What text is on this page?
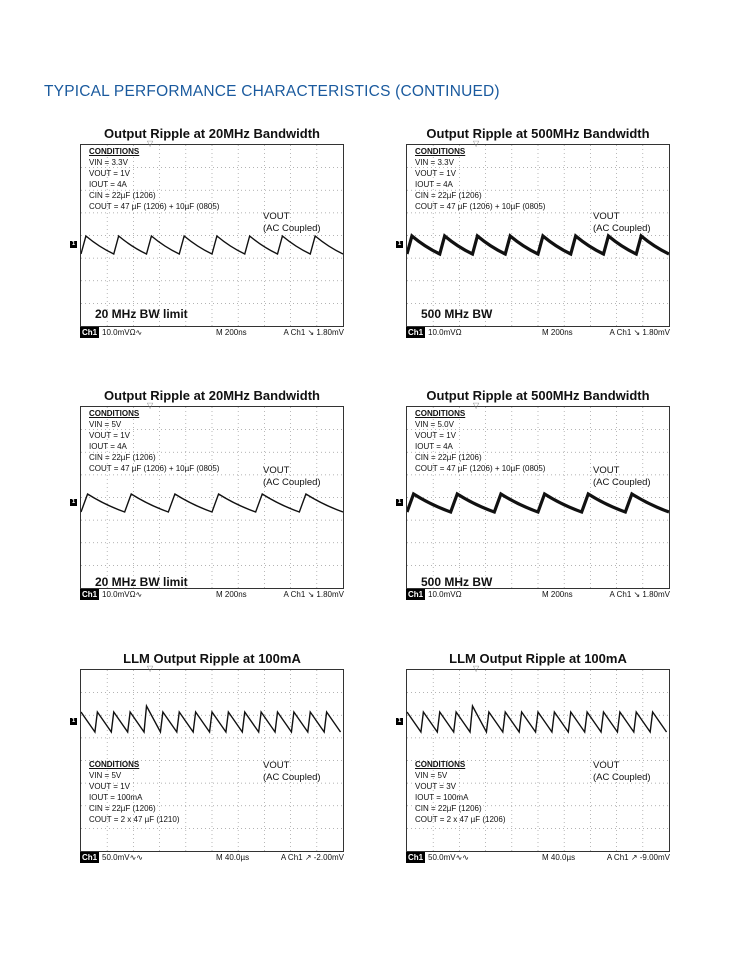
TYPICAL PERFORMANCE CHARACTERISTICS (CONTINUED)
Output Ripple at 20MHz Bandwidth
▽
CONDITIONS
VIN = 3.3V
VOUT = 1V
IOUT = 4A
CIN = 22µF (1206)
COUT = 47 µF (1206) + 10µF (0805)
VOUT
(AC Coupled)
20 MHz BW limit
1
Ch1 10.0mVΩ∿	M 200ns	A Ch1 ↘ 1.80mV
Output Ripple at 500MHz Bandwidth
▽
CONDITIONS
VIN = 3.3V
VOUT = 1V
IOUT = 4A
CIN = 22µF (1206)
COUT = 47 µF (1206) + 10µF (0805)
VOUT
(AC Coupled)
500 MHz BW
1
Ch1 10.0mVΩ	M 200ns	A Ch1 ↘ 1.80mV
Output Ripple at 20MHz Bandwidth
▽
CONDITIONS
VIN = 5V
VOUT = 1V
IOUT = 4A
CIN = 22µF (1206)
COUT = 47 µF (1206) + 10µF (0805)	VOUT
(AC Coupled)
20 MHz BW limit
1
Ch1 10.0mVΩ∿	M 200ns	A Ch1 ↘ 1.80mV
Output Ripple at 500MHz Bandwidth
▽
CONDITIONS
VIN = 5.0V
VOUT = 1V
IOUT = 4A
CIN = 22µF (1206)
COUT = 47 µF (1206) + 10µF (0805)	VOUT
(AC Coupled)
500 MHz BW
1
Ch1 10.0mVΩ	M 200ns	A Ch1 ↘ 1.80mV
LLM Output Ripple at 100mA
▽
CONDITIONS
VIN = 5V
VOUT = 1V
IOUT = 100mA
CIN = 22µF (1206)
COUT = 2 x 47 µF (1210)
VOUT
(AC Coupled)
1
Ch1 50.0mV∿∿	M 40.0µs	A Ch1 ↗ -2.00mV
LLM Output Ripple at 100mA
▽
CONDITIONS
VIN = 5V
VOUT = 3V
IOUT = 100mA
CIN = 22µF (1206)
COUT = 2 x 47 µF (1206)
VOUT
(AC Coupled)
1
Ch1 50.0mV∿∿	M 40.0µs	A Ch1 ↗ -9.00mV
